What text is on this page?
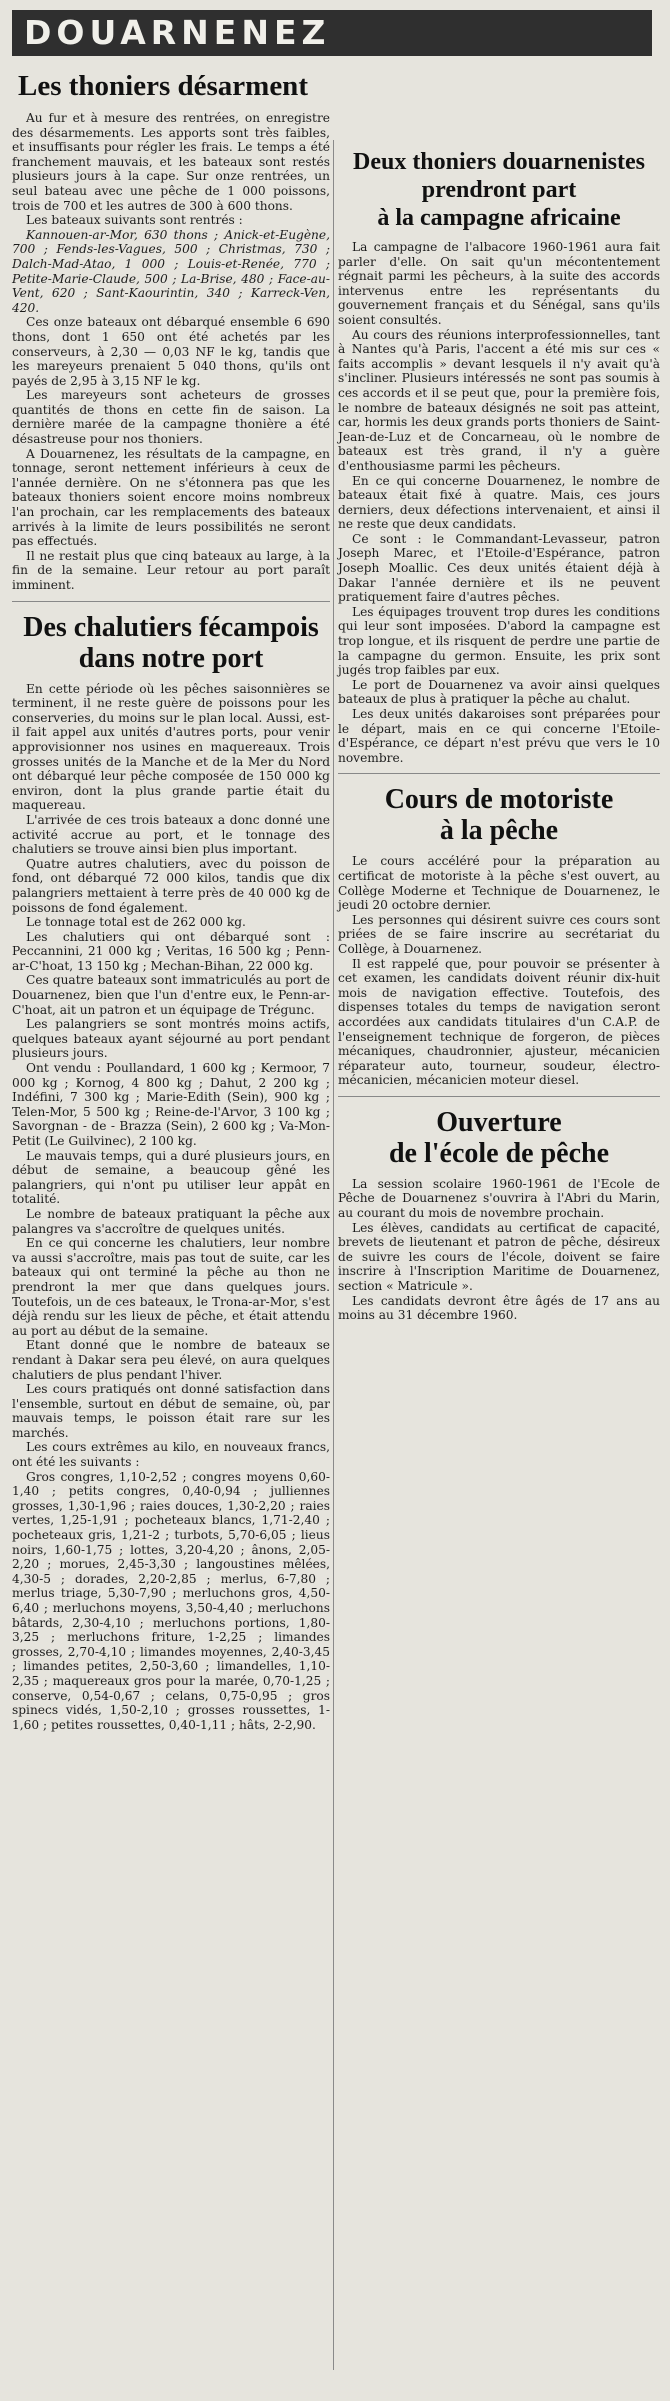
DOUARNENEZ
Les thoniers désarment

Au fur et à mesure des rentrées, on enregistre des désarmements. Les apports sont très faibles, et insuffisants pour régler les frais. Le temps a été franchement mauvais, et les bateaux sont restés plusieurs jours à la cape. Sur onze rentrées, un seul bateau avec une pêche de 1 000 poissons, trois de 700 et les autres de 300 à 600 thons.

Les bateaux suivants sont rentrés :

Kannouen-ar-Mor, 630 thons ; Anick-et-Eugène, 700 ; Fends-les-Vagues, 500 ; Christmas, 730 ; Dalch-Mad-Atao, 1 000 ; Louis-et-Renée, 770 ; Petite-Marie-Claude, 500 ; La-Brise, 480 ; Face-au-Vent, 620 ; Sant-Kaourintin, 340 ; Karreck-Ven, 420.

Ces onze bateaux ont débarqué ensemble 6 690 thons, dont 1 650 ont été achetés par les conserveurs, à 2,30 — 0,03 NF le kg, tandis que les mareyeurs prenaient 5 040 thons, qu'ils ont payés de 2,95 à 3,15 NF le kg.

Les mareyeurs sont acheteurs de grosses quantités de thons en cette fin de saison. La dernière marée de la campagne thonière a été désastreuse pour nos thoniers.

A Douarnenez, les résultats de la campagne, en tonnage, seront nettement inférieurs à ceux de l'année dernière. On ne s'étonnera pas que les bateaux thoniers soient encore moins nombreux l'an prochain, car les remplacements des bateaux arrivés à la limite de leurs possibilités ne seront pas effectués.

Il ne restait plus que cinq bateaux au large, à la fin de la semaine. Leur retour au port paraît imminent.

Des chalutiers fécampois
dans notre port

En cette période où les pêches saisonnières se terminent, il ne reste guère de poissons pour les conserveries, du moins sur le plan local. Aussi, est-il fait appel aux unités d'autres ports, pour venir approvisionner nos usines en maquereaux. Trois grosses unités de la Manche et de la Mer du Nord ont débarqué leur pêche composée de 150 000 kg environ, dont la plus grande partie était du maquereau.

L'arrivée de ces trois bateaux a donc donné une activité accrue au port, et le tonnage des chalutiers se trouve ainsi bien plus important.

Quatre autres chalutiers, avec du poisson de fond, ont débarqué 72 000 kilos, tandis que dix palangriers mettaient à terre près de 40 000 kg de poissons de fond également.

Le tonnage total est de 262 000 kg.

Les chalutiers qui ont débarqué sont : Peccannini, 21 000 kg ; Veritas, 16 500 kg ; Penn-ar-C'hoat, 13 150 kg ; Mechan-Bihan, 22 000 kg.

Ces quatre bateaux sont immatriculés au port de Douarnenez, bien que l'un d'entre eux, le Penn-ar-C'hoat, ait un patron et un équipage de Trégunc.

Les palangriers se sont montrés moins actifs, quelques bateaux ayant séjourné au port pendant plusieurs jours.

Ont vendu : Poullandard, 1 600 kg ; Kermoor, 7 000 kg ; Kornog, 4 800 kg ; Dahut, 2 200 kg ; Indéfini, 7 300 kg ; Marie-Edith (Sein), 900 kg ; Telen-Mor, 5 500 kg ; Reine-de-l'Arvor, 3 100 kg ; Savorgnan - de - Brazza (Sein), 2 600 kg ; Va-Mon-Petit (Le Guilvinec), 2 100 kg.

Le mauvais temps, qui a duré plusieurs jours, en début de semaine, a beaucoup gêné les palangriers, qui n'ont pu utiliser leur appât en totalité.

Le nombre de bateaux pratiquant la pêche aux palangres va s'accroître de quelques unités.

En ce qui concerne les chalutiers, leur nombre va aussi s'accroître, mais pas tout de suite, car les bateaux qui ont terminé la pêche au thon ne prendront la mer que dans quelques jours. Toutefois, un de ces bateaux, le Trona-ar-Mor, s'est déjà rendu sur les lieux de pêche, et était attendu au port au début de la semaine.

Etant donné que le nombre de bateaux se rendant à Dakar sera peu élevé, on aura quelques chalutiers de plus pendant l'hiver.

Les cours pratiqués ont donné satisfaction dans l'ensemble, surtout en début de semaine, où, par mauvais temps, le poisson était rare sur les marchés.

Les cours extrêmes au kilo, en nouveaux francs, ont été les suivants :

Gros congres, 1,10-2,52 ; congres moyens 0,60-1,40 ; petits congres, 0,40-0,94 ; julliennes grosses, 1,30-1,96 ; raies douces, 1,30-2,20 ; raies vertes, 1,25-1,91 ; pocheteaux blancs, 1,71-2,40 ; pocheteaux gris, 1,21-2 ; turbots, 5,70-6,05 ; lieus noirs, 1,60-1,75 ; lottes, 3,20-4,20 ; ânons, 2,05-2,20 ; morues, 2,45-3,30 ; langoustines mêlées, 4,30-5 ; dorades, 2,20-2,85 ; merlus, 6-7,80 ; merlus triage, 5,30-7,90 ; merluchons gros, 4,50-6,40 ; merluchons moyens, 3,50-4,40 ; merluchons bâtards, 2,30-4,10 ; merluchons portions, 1,80-3,25 ; merluchons friture, 1-2,25 ; limandes grosses, 2,70-4,10 ; limandes moyennes, 2,40-3,45 ; limandes petites, 2,50-3,60 ; limandelles, 1,10-2,35 ; maquereaux gros pour la marée, 0,70-1,25 ; conserve, 0,54-0,67 ; celans, 0,75-0,95 ; gros spinecs vidés, 1,50-2,10 ; grosses roussettes, 1-1,60 ; petites roussettes, 0,40-1,11 ; hâts, 2-2,90.

Deux thoniers douarnenistes
prendront part
à la campagne africaine

La campagne de l'albacore 1960-1961 aura fait parler d'elle. On sait qu'un mécontentement régnait parmi les pêcheurs, à la suite des accords intervenus entre les représentants du gouvernement français et du Sénégal, sans qu'ils soient consultés.

Au cours des réunions interprofessionnelles, tant à Nantes qu'à Paris, l'accent a été mis sur ces « faits accomplis » devant lesquels il n'y avait qu'à s'incliner. Plusieurs intéressés ne sont pas soumis à ces accords et il se peut que, pour la première fois, le nombre de bateaux désignés ne soit pas atteint, car, hormis les deux grands ports thoniers de Saint-Jean-de-Luz et de Concarneau, où le nombre de bateaux est très grand, il n'y a guère d'enthousiasme parmi les pêcheurs.

En ce qui concerne Douarnenez, le nombre de bateaux était fixé à quatre. Mais, ces jours derniers, deux défections intervenaient, et ainsi il ne reste que deux candidats.

Ce sont : le Commandant-Levasseur, patron Joseph Marec, et l'Etoile-d'Espérance, patron Joseph Moallic. Ces deux unités étaient déjà à Dakar l'année dernière et ils ne peuvent pratiquement faire d'autres pêches.

Les équipages trouvent trop dures les conditions qui leur sont imposées. D'abord la campagne est trop longue, et ils risquent de perdre une partie de la campagne du germon. Ensuite, les prix sont jugés trop faibles par eux.

Le port de Douarnenez va avoir ainsi quelques bateaux de plus à pratiquer la pêche au chalut.

Les deux unités dakaroises sont préparées pour le départ, mais en ce qui concerne l'Etoile-d'Espérance, ce départ n'est prévu que vers le 10 novembre.

Cours de motoriste
à la pêche

Le cours accéléré pour la préparation au certificat de motoriste à la pêche s'est ouvert, au Collège Moderne et Technique de Douarnenez, le jeudi 20 octobre dernier.

Les personnes qui désirent suivre ces cours sont priées de se faire inscrire au secrétariat du Collège, à Douarnenez.

Il est rappelé que, pour pouvoir se présenter à cet examen, les candidats doivent réunir dix-huit mois de navigation effective. Toutefois, des dispenses totales du temps de navigation seront accordées aux candidats titulaires d'un C.A.P. de l'enseignement technique de forgeron, de pièces mécaniques, chaudronnier, ajusteur, mécanicien réparateur auto, tourneur, soudeur, électro-mécanicien, mécanicien moteur diesel.

Ouverture
de l'école de pêche

La session scolaire 1960-1961 de l'Ecole de Pêche de Douarnenez s'ouvrira à l'Abri du Marin, au courant du mois de novembre prochain.

Les élèves, candidats au certificat de capacité, brevets de lieutenant et patron de pêche, désireux de suivre les cours de l'école, doivent se faire inscrire à l'Inscription Maritime de Douarnenez, section « Matricule ».

Les candidats devront être âgés de 17 ans au moins au 31 décembre 1960.
